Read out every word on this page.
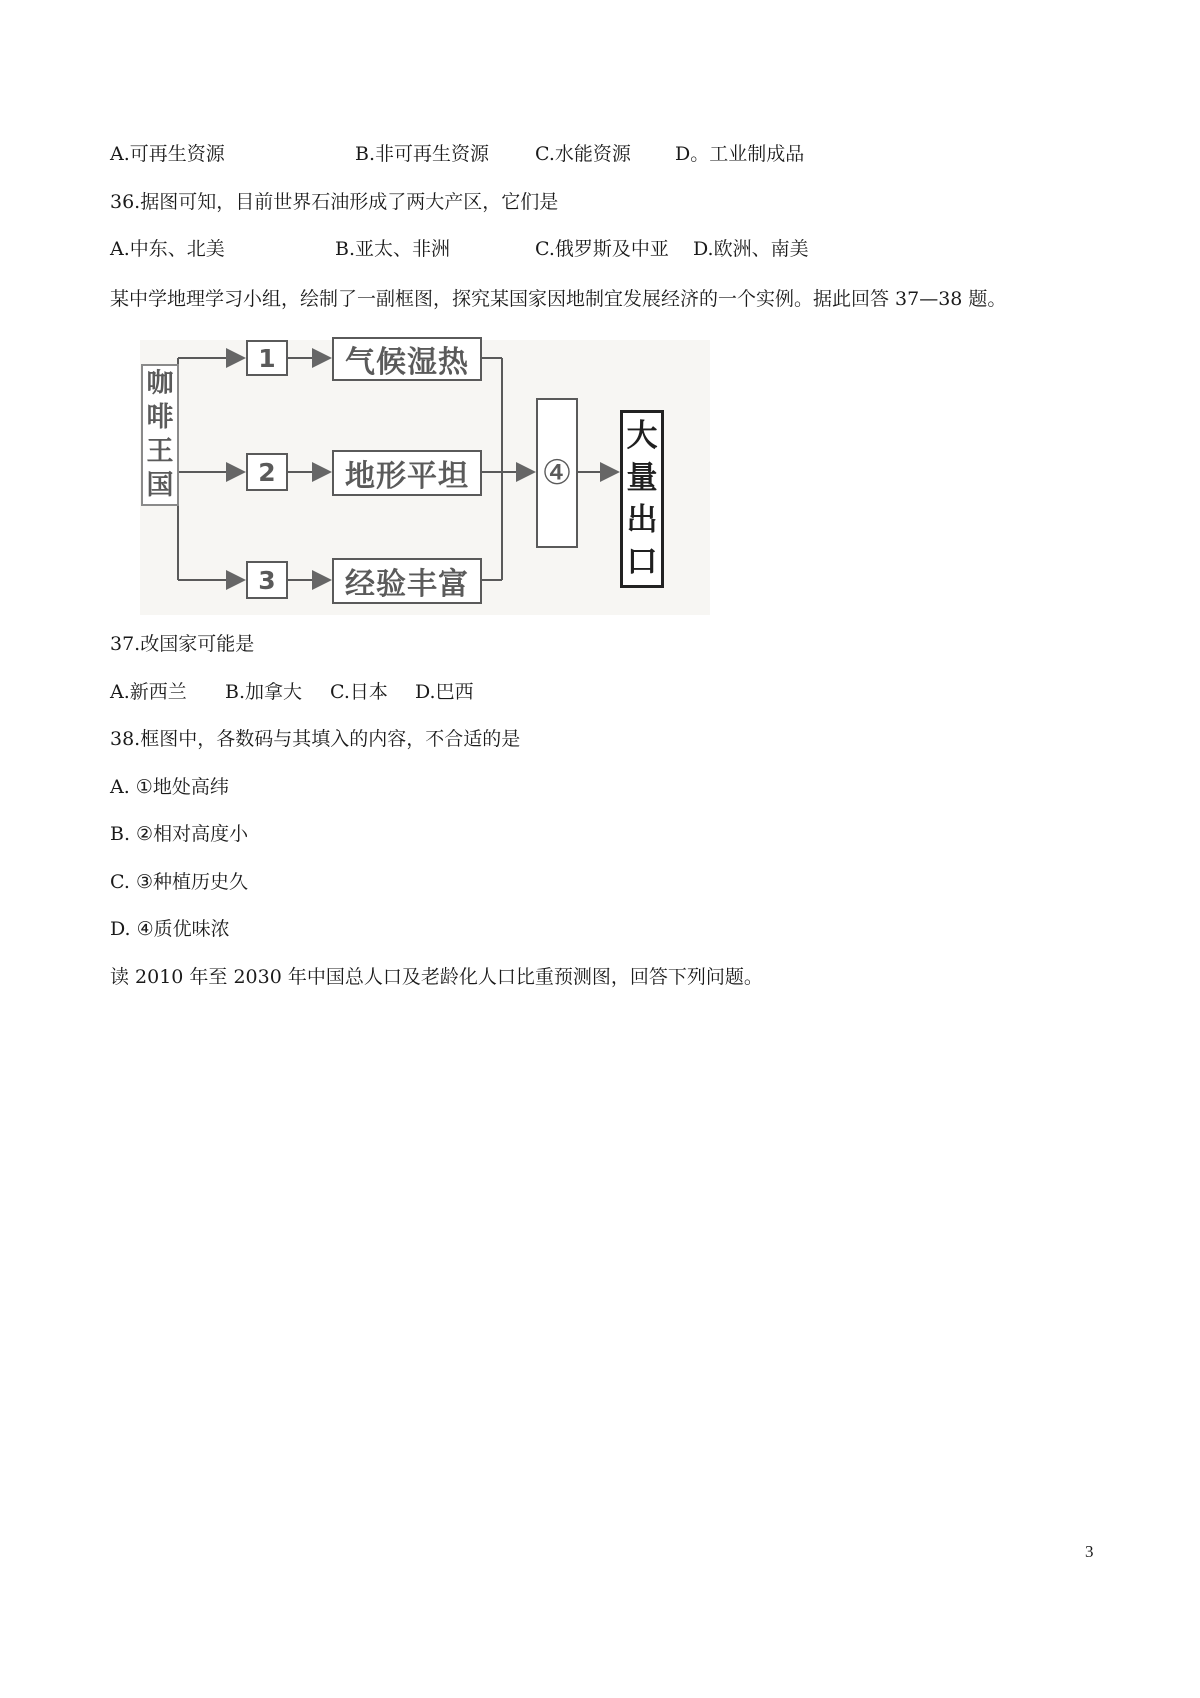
A.可再生资源	B.非可再生资源 C.水能资源 D。工业制成品
36.据图可知，目前世界石油形成了两大产区，它们是
A.中东、北美	B.亚太、非洲	C.俄罗斯及中亚 D.欧洲、南美
某中学地理学习小组，绘制了一副框图，探究某国家因地制宜发展经济的一个实例。据此回答 37—38 题。
咖
啡
王
国
1
2
3
气候湿热
地形平坦
经验丰富
④
大
量
出
口
37.改国家可能是
A.新西兰 B.加拿大 C.日本 D.巴西
38.框图中，各数码与其填入的内容，不合适的是
A. ①地处高纬
B. ②相对高度小
C. ③种植历史久
D. ④质优味浓
读 2010 年至 2030 年中国总人口及老龄化人口比重预测图，回答下列问题。
3
